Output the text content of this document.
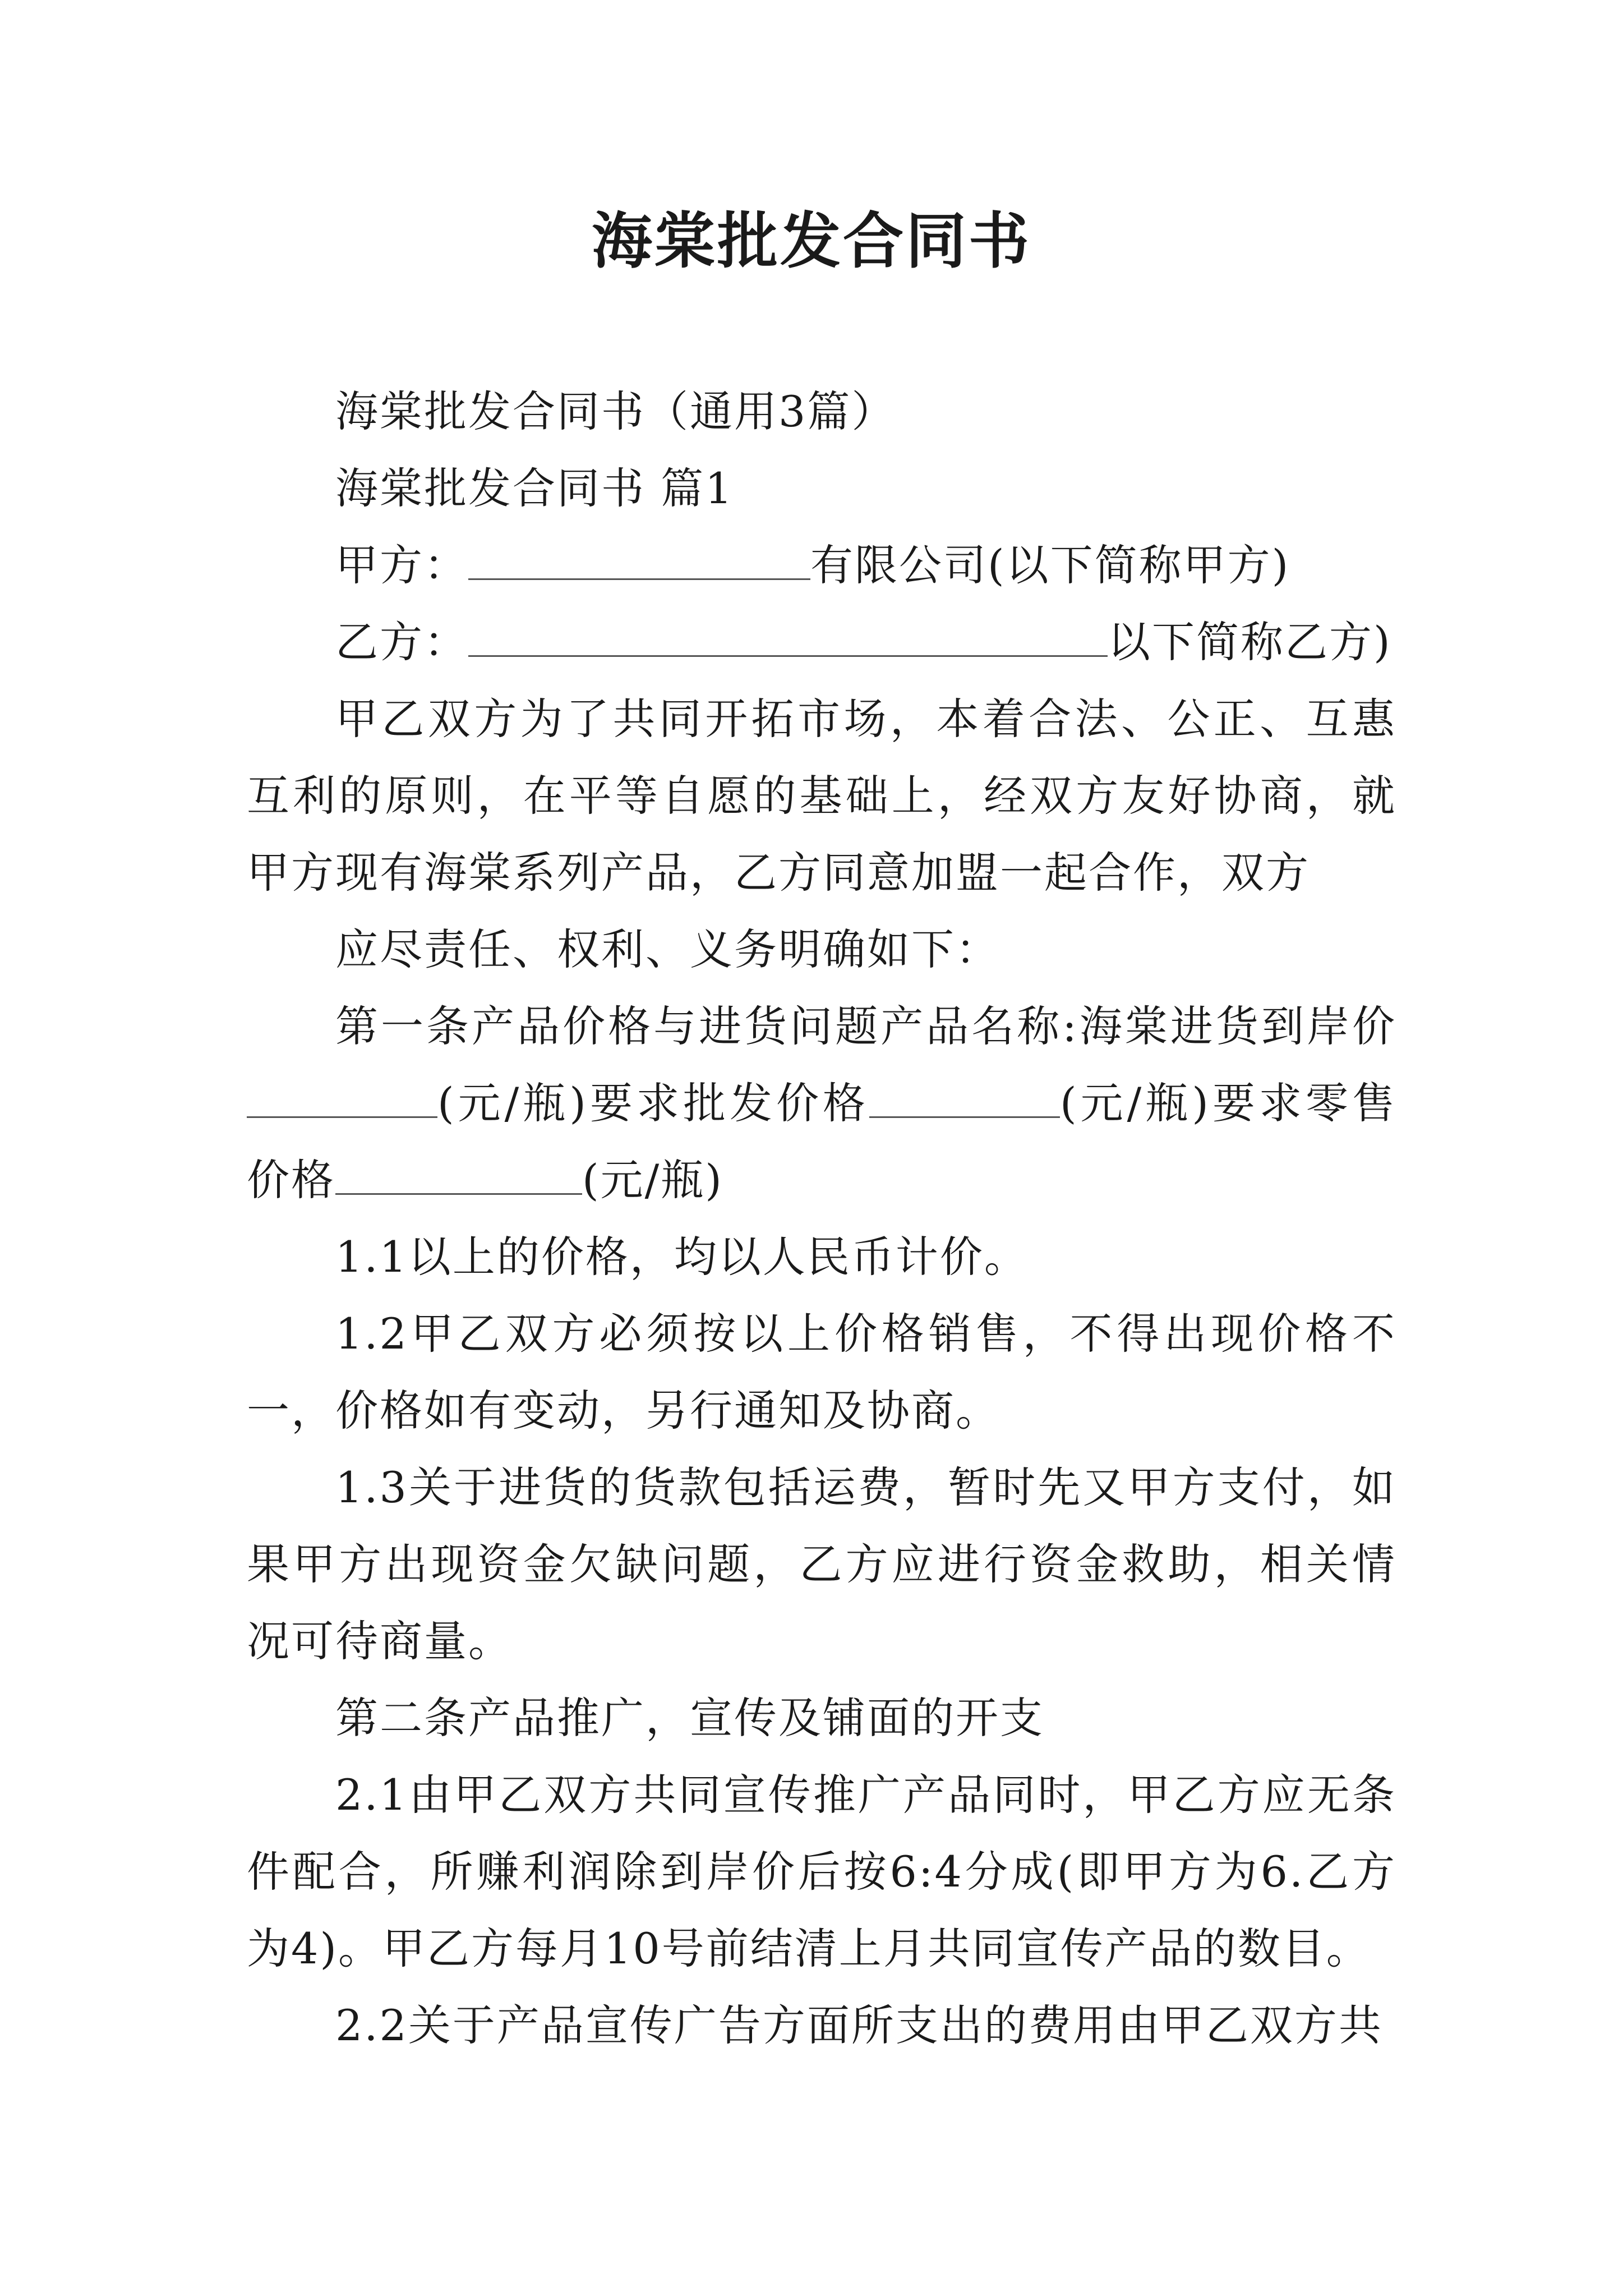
海棠批发合同书

海棠批发合同书（通用3篇）

海棠批发合同书 篇1

甲方：	有限公司(以下简称甲方)

乙方：	以下简称乙方)

甲乙双方为了共同开拓市场，本着合法、公正、互惠互利的原则，在平等自愿的基础上，经双方友好协商，就甲方现有海棠系列产品，乙方同意加盟一起合作，双方

应尽责任、权利、义务明确如下：

第一条产品价格与进货问题产品名称:海棠进货到岸价(元/瓶)要求批发价格	(元/瓶)要求零售价格	(元/瓶)

1.1以上的价格，均以人民币计价。

1.2甲乙双方必须按以上价格销售，不得出现价格不一，价格如有变动，另行通知及协商。

1.3关于进货的货款包括运费，暂时先又甲方支付，如果甲方出现资金欠缺问题，乙方应进行资金救助，相关情况可待商量。

第二条产品推广，宣传及铺面的开支

2.1由甲乙双方共同宣传推广产品同时，甲乙方应无条件配合，所赚利润除到岸价后按6:4分成(即甲方为6.乙方为4)。甲乙方每月10号前结清上月共同宣传产品的数目。

2.2关于产品宣传广告方面所支出的费用由甲乙双方共
